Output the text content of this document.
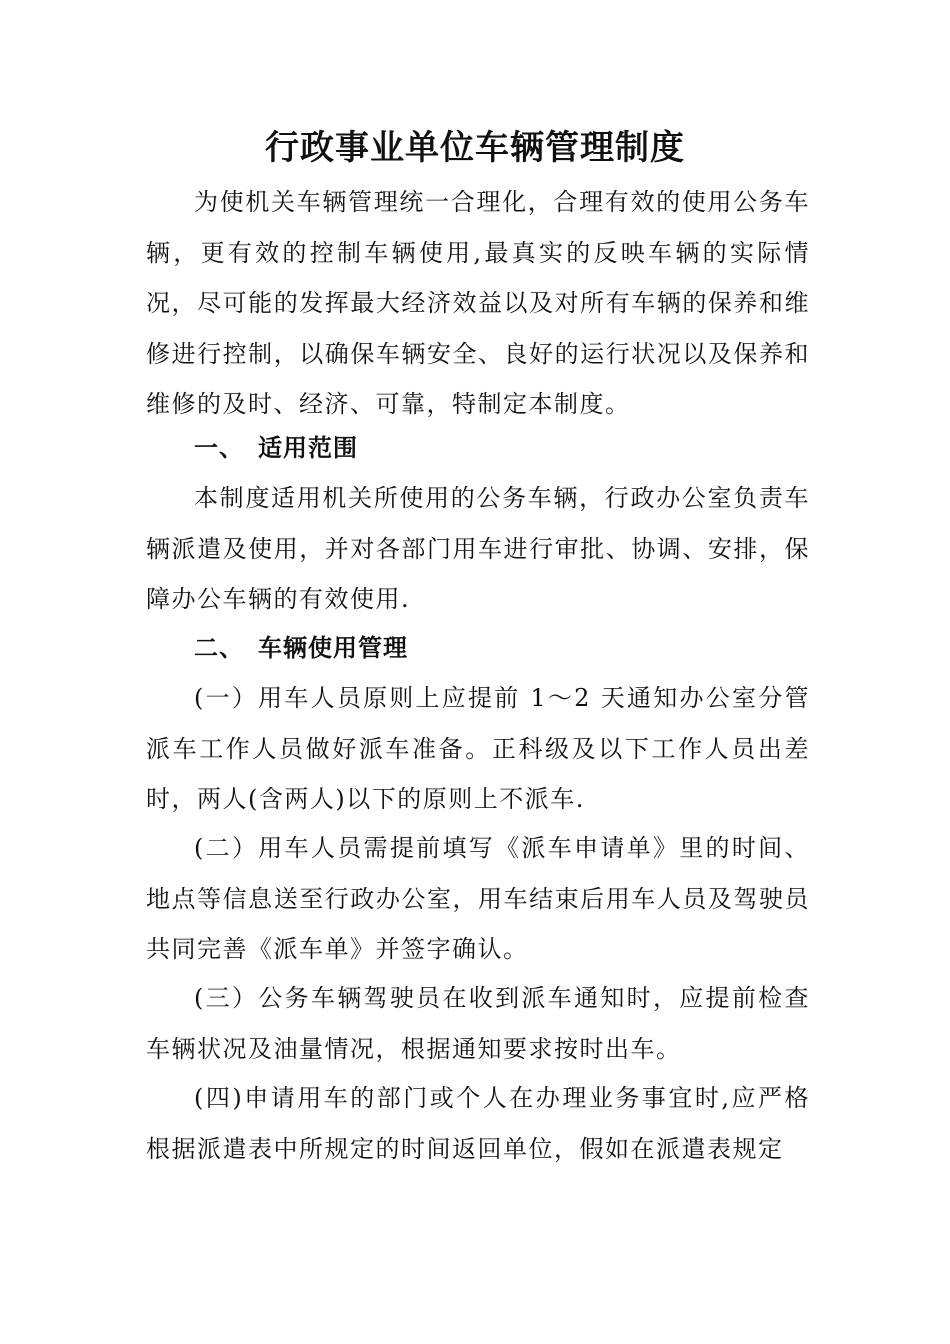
行政事业单位车辆管理制度

为使机关车辆管理统一合理化，合理有效的使用公务车辆，更有效的控制车辆使用,最真实的反映车辆的实际情况，尽可能的发挥最大经济效益以及对所有车辆的保养和维修进行控制，以确保车辆安全、良好的运行状况以及保养和维修的及时、经济、可靠，特制定本制度。

一、 适用范围

本制度适用机关所使用的公务车辆，行政办公室负责车辆派遣及使用，并对各部门用车进行审批、协调、安排，保障办公车辆的有效使用.

二、 车辆使用管理

(一）用车人员原则上应提前 1～2 天通知办公室分管派车工作人员做好派车准备。正科级及以下工作人员出差时，两人(含两人)以下的原则上不派车.

(二）用车人员需提前填写《派车申请单》里的时间、地点等信息送至行政办公室，用车结束后用车人员及驾驶员共同完善《派车单》并签字确认。

(三）公务车辆驾驶员在收到派车通知时，应提前检查车辆状况及油量情况，根据通知要求按时出车。

(四)申请用车的部门或个人在办理业务事宜时,应严格根据派遣表中所规定的时间返回单位，假如在派遣表规定
